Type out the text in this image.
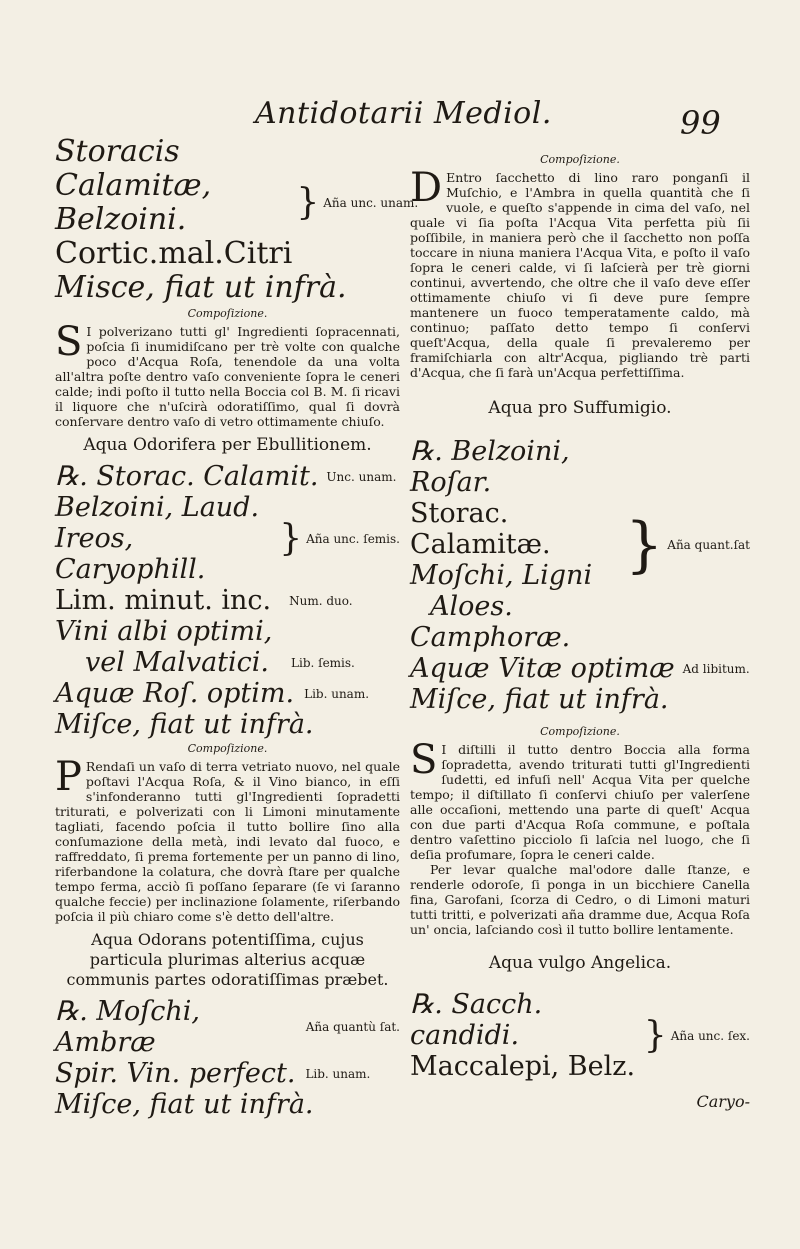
Antidotarii Mediol.	99
Storacis Calamitæ,
Belzoini.
Cortic.mal.Citri
} Aña unc. unam.
Misce, fiat ut infrà.
Compoſizione.
S I polverizano tutti gl' Ingredienti ſopracennati, poſcia ſi inumidiſcano per trè volte con qualche poco d'Acqua Roſa, tenendole da una volta all'altra poſte dentro vaſo conveniente ſopra le ceneri calde; indi poſto il tutto nella Boccia col B. M. ſi ricavi il liquore che n'uſcirà odoratiſſimo, qual ſi dovrà conſervare dentro vaſo di vetro ottimamente chiuſo.
Aqua Odorifera per Ebullitionem.
℞. Storac. Calamit. Unc. unam.
Belzoini, Laud.
Ireos, Caryophill.
} Aña unc. ſemis.
Lim. minut. inc. Num. duo.
Vini albi optimi,
vel Malvatici. Lib. ſemis.
Aquæ Roſ. optim. Lib. unam.
Miſce, fiat ut infrà.
Compoſizione.
P Rendaſi un vaſo di terra vetriato nuovo, nel quale poſtavi l'Acqua Roſa, & il Vino bianco, in eſſi s'infonderanno tutti gl'Ingredienti ſopradetti triturati, e polverizati con li Limoni minutamente tagliati, facendo poſcia il tutto bollire ſino alla conſumazione della metà, indi levato dal fuoco, e raffreddato, ſi prema fortemente per un panno di lino, riferbandone la colatura, che dovrà ſtare per qualche tempo ferma, acciò ſi poſſano ſeparare (ſe vi ſaranno qualche feccie) per inclinazione ſolamente, riſerbando poſcia il più chiaro come s'è detto dell'altre.
Aqua Odorans potentiſſima, cujus particula plurimas alterius acquæ communis partes odoratiſſimas præbet.
℞. Moſchi, Ambræ	Aña quantù ſat.
Spir. Vin. perfect. Lib. unam.
Miſce, fiat ut infrà.
Compoſizione.
D Entro ſacchetto di lino raro ponganſi il Muſchio, e l'Ambra in quella quantità che ſi vuole, e queſto s'appende in cima del vaſo, nel quale vi ſia poſta l'Acqua Vita perfetta più ſii poſſibile, in maniera però che il ſacchetto non poſſa toccare in niuna maniera l'Acqua Vita, e poſto il vaſo ſopra le ceneri calde, vi ſi laſcierà per trè giorni continui, avvertendo, che oltre che il vaſo deve eſſer ottimamente chiuſo vi ſi deve pure ſempre mantenere un fuoco temperatamente caldo, mà continuo; paſſato detto tempo ſi conſervi queſt'Acqua, della quale ſi prevaleremo per framiſchiarla con altr'Acqua, pigliando trè parti d'Acqua, che ſi farà un'Acqua perfettiſſima.
Aqua pro Suffumigio.
℞. Belzoini, Roſar.
Storac. Calamitæ.
Moſchi, Ligni
Aloes.
Camphoræ.
} Aña quant.ſat
Aquæ Vitæ optimæ Ad libitum.
Miſce, fiat ut infrà.
Compoſizione.
S I diſtilli il tutto dentro Boccia alla forma ſopradetta, avendo triturati tutti gl'Ingredienti ſudetti, ed infuſi nell' Acqua Vita per quelche tempo; il diſtillato ſi conſervi chiuſo per valerſene alle occaſioni, mettendo una parte di queſt' Acqua con due parti d'Acqua Roſa commune, e poſtala dentro vaſettino picciolo ſi laſcia nel luogo, che ſi deſia profumare, ſopra le ceneri calde.
Per levar qualche mal'odore dalle ſtanze, e renderle odoroſe, ſi ponga in un bicchiere Canella fina, Garofani, ſcorza di Cedro, o di Limoni maturi tutti tritti, e polverizati aña dramme due, Acqua Roſa un' oncia, laſciando così il tutto bollire lentamente.
Aqua vulgo Angelica.
℞. Sacch. candidi.
Maccalepi, Belz.
} Aña unc. ſex.
Caryo-
